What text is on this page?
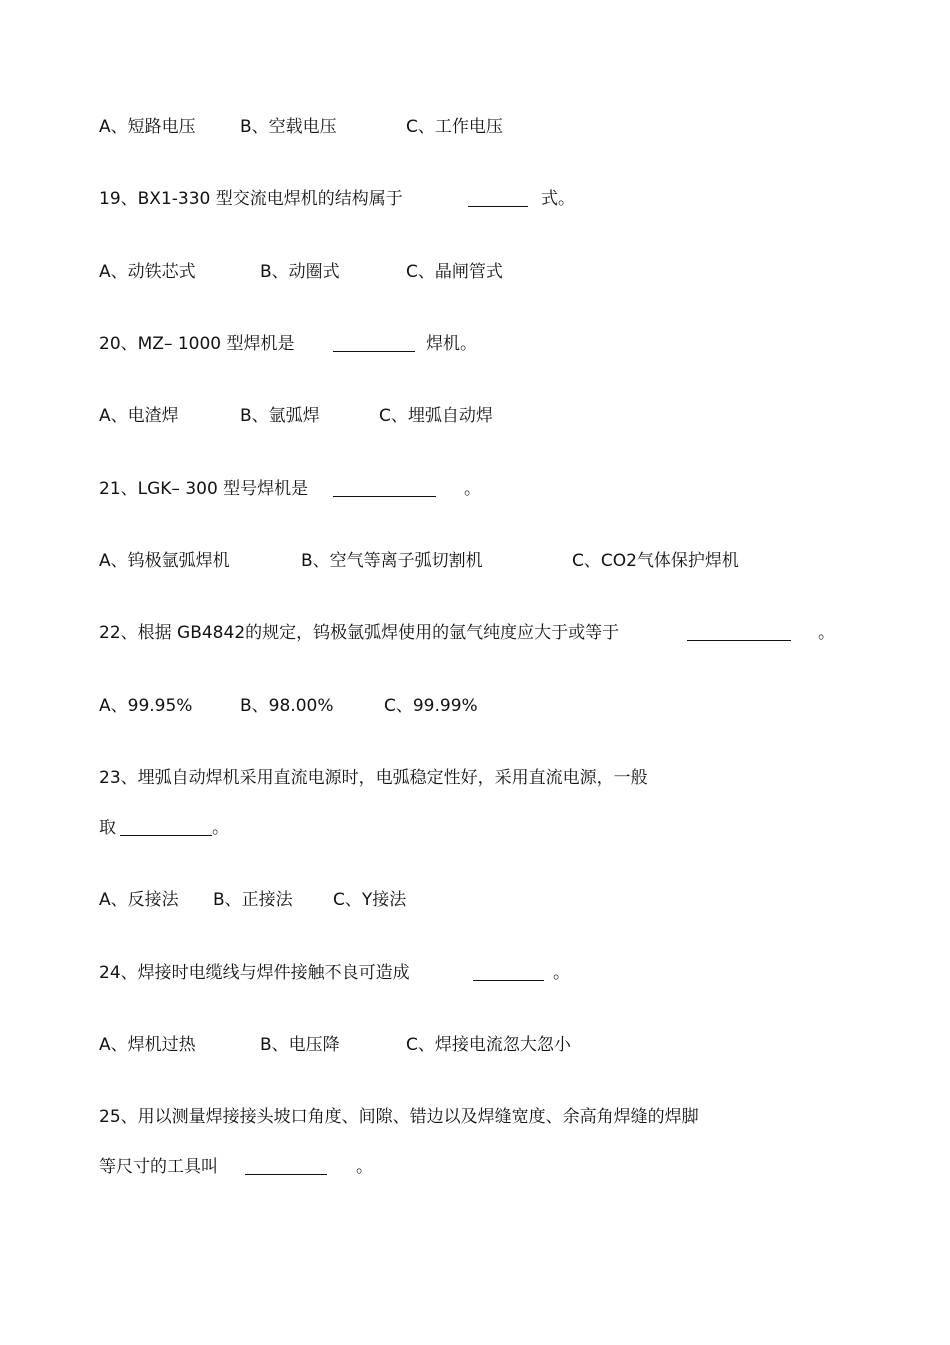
A、短路电压	B、空载电压	C、工作电压
19、BX1-330 型交流电焊机的结构属于	式。
A、动铁芯式	B、动圈式	C、晶闸管式
20、MZ– 1000 型焊机是	焊机。
A、电渣焊	B、氩弧焊	C、埋弧自动焊
21、LGK– 300 型号焊机是	。
A、钨极氩弧焊机	B、空气等离子弧切割机	C、CO2气体保护焊机
22、根据 GB4842的规定，钨极氩弧焊使用的氩气纯度应大于或等于	。
A、99.95%	B、98.00%	C、99.99%
23、埋弧自动焊机采用直流电源时，电弧稳定性好，采用直流电源，一般
取	。
A、反接法 B、正接法 C、Y接法
24、焊接时电缆线与焊件接触不良可造成	。
A、焊机过热	B、电压降	C、焊接电流忽大忽小
25、用以测量焊接接头坡口角度、间隙、错边以及焊缝宽度、余高角焊缝的焊脚
等尺寸的工具叫	。
